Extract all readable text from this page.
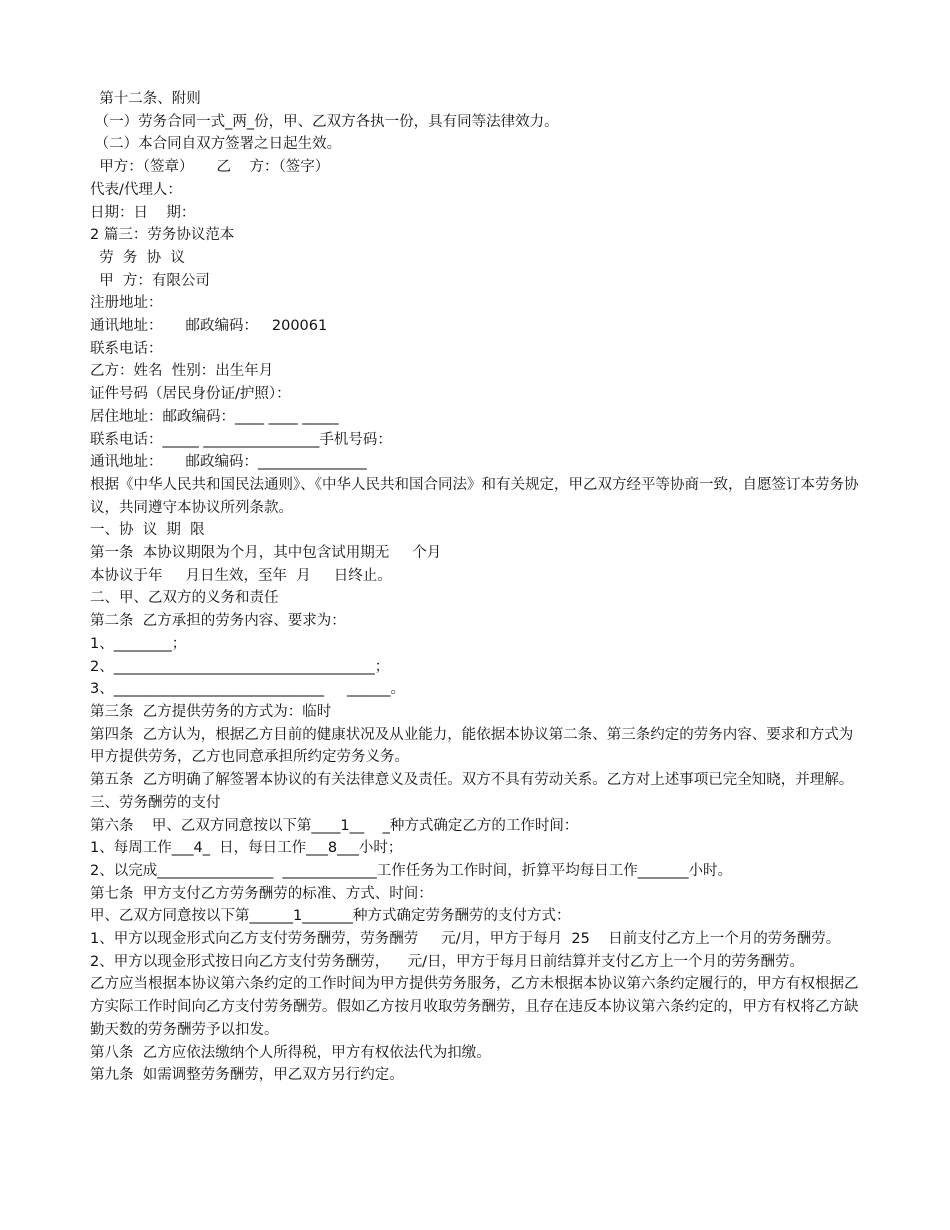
第十二条、附则
（一）劳务合同一式_两_份，甲、乙双方各执一份，具有同等法律效力。
（二）本合同自双方签署之日起生效。
甲方：（签章）     乙    方：（签字）
代表/代理人：
日期：日    期：
2 篇三：劳务协议范本
劳  务  协  议
甲  方：有限公司
注册地址：
通讯地址：     邮政编码：   200061
联系电话：
乙方：姓名  性别：出生年月
证件号码（居民身份证/护照）：
居住地址：邮政编码：____ ____ _____
联系电话：_____ ________________手机号码：
通讯地址：     邮政编码：_______________
根据《中华人民共和国民法通则》、《中华人民共和国合同法》和有关规定，甲乙双方经平等协商一致，自愿签订本劳务协议，共同遵守本协议所列条款。
一、协  议  期  限
第一条  本协议期限为个月，其中包含试用期无     个月
本协议于年     月日生效，至年  月     日终止。
二、甲、乙双方的义务和责任
第二条  乙方承担的劳务内容、要求为：
1、________；
2、____________________________________；
3、_____________________________     ______。
第三条  乙方提供劳务的方式为：临时
第四条  乙方认为，根据乙方目前的健康状况及从业能力，能依据本协议第二条、第三条约定的劳务内容、要求和方式为甲方提供劳务，乙方也同意承担所约定劳务义务。
第五条  乙方明确了解签署本协议的有关法律意义及责任。双方不具有劳动关系。乙方对上述事项已完全知晓，并理解。三、劳务酬劳的支付
第六条    甲、乙双方同意按以下第____1__    _种方式确定乙方的工作时间：
1、每周工作___4_  日，每日工作___8___小时；
2、以完成________________  _____________工作任务为工作时间，折算平均每日工作_______小时。
第七条  甲方支付乙方劳务酬劳的标准、方式、时间：
甲、乙双方同意按以下第______1_______种方式确定劳务酬劳的支付方式：
1、甲方以现金形式向乙方支付劳务酬劳，劳务酬劳     元/月，甲方于每月  25    日前支付乙方上一个月的劳务酬劳。
2、甲方以现金形式按日向乙方支付劳务酬劳，    元/日，甲方于每月日前结算并支付乙方上一个月的劳务酬劳。
乙方应当根据本协议第六条约定的工作时间为甲方提供劳务服务，乙方未根据本协议第六条约定履行的，甲方有权根据乙方实际工作时间向乙方支付劳务酬劳。假如乙方按月收取劳务酬劳，且存在违反本协议第六条约定的，甲方有权将乙方缺勤天数的劳务酬劳予以扣发。
第八条  乙方应依法缴纳个人所得税，甲方有权依法代为扣缴。
第九条  如需调整劳务酬劳，甲乙双方另行约定。
